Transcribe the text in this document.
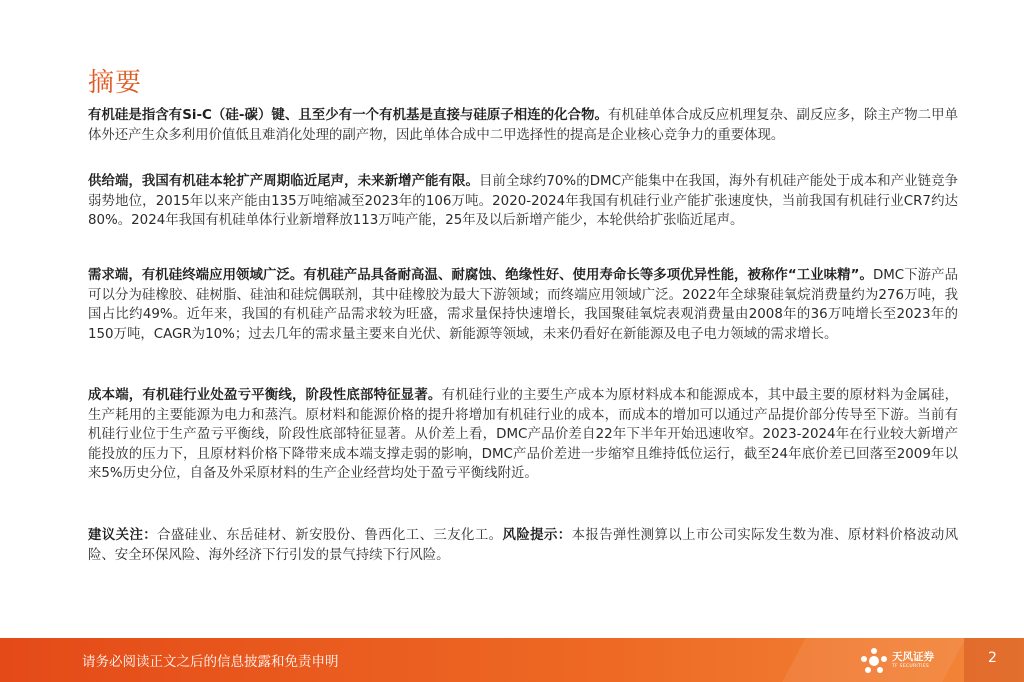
摘要
有机硅是指含有Si-C（硅-碳）键、且至少有一个有机基是直接与硅原子相连的化合物。有机硅单体合成反应机理复杂、副反应多，除主产物二甲单体外还产生众多利用价值低且难消化处理的副产物，因此单体合成中二甲选择性的提高是企业核心竞争力的重要体现。
供给端，我国有机硅本轮扩产周期临近尾声，未来新增产能有限。目前全球约70%的DMC产能集中在我国，海外有机硅产能处于成本和产业链竞争弱势地位，2015年以来产能由135万吨缩减至2023年的106万吨。2020-2024年我国有机硅行业产能扩张速度快，当前我国有机硅行业CR7约达80%。2024年我国有机硅单体行业新增释放113万吨产能，25年及以后新增产能少，本轮供给扩张临近尾声。
需求端，有机硅终端应用领域广泛。有机硅产品具备耐高温、耐腐蚀、绝缘性好、使用寿命长等多项优异性能，被称作“工业味精”。DMC下游产品可以分为硅橡胶、硅树脂、硅油和硅烷偶联剂，其中硅橡胶为最大下游领域；而终端应用领域广泛。2022年全球聚硅氧烷消费量约为276万吨，我国占比约49%。近年来，我国的有机硅产品需求较为旺盛，需求量保持快速增长，我国聚硅氧烷表观消费量由2008年的36万吨增长至2023年的150万吨，CAGR为10%；过去几年的需求量主要来自光伏、新能源等领域，未来仍看好在新能源及电子电力领域的需求增长。
成本端，有机硅行业处盈亏平衡线，阶段性底部特征显著。有机硅行业的主要生产成本为原材料成本和能源成本，其中最主要的原材料为金属硅，生产耗用的主要能源为电力和蒸汽。原材料和能源价格的提升将增加有机硅行业的成本，而成本的增加可以通过产品提价部分传导至下游。当前有机硅行业位于生产盈亏平衡线，阶段性底部特征显著。从价差上看，DMC产品价差自22年下半年开始迅速收窄。2023-2024年在行业较大新增产能投放的压力下，且原材料价格下降带来成本端支撑走弱的影响，DMC产品价差进一步缩窄且维持低位运行，截至24年底价差已回落至2009年以来5%历史分位，自备及外采原材料的生产企业经营均处于盈亏平衡线附近。
建议关注：合盛硅业、东岳硅材、新安股份、鲁西化工、三友化工。风险提示：本报告弹性测算以上市公司实际发生数为准、原材料价格波动风险、安全环保风险、海外经济下行引发的景气持续下行风险。
请务必阅读正文之后的信息披露和免责申明	天风证券
TF SECURITIES
2
